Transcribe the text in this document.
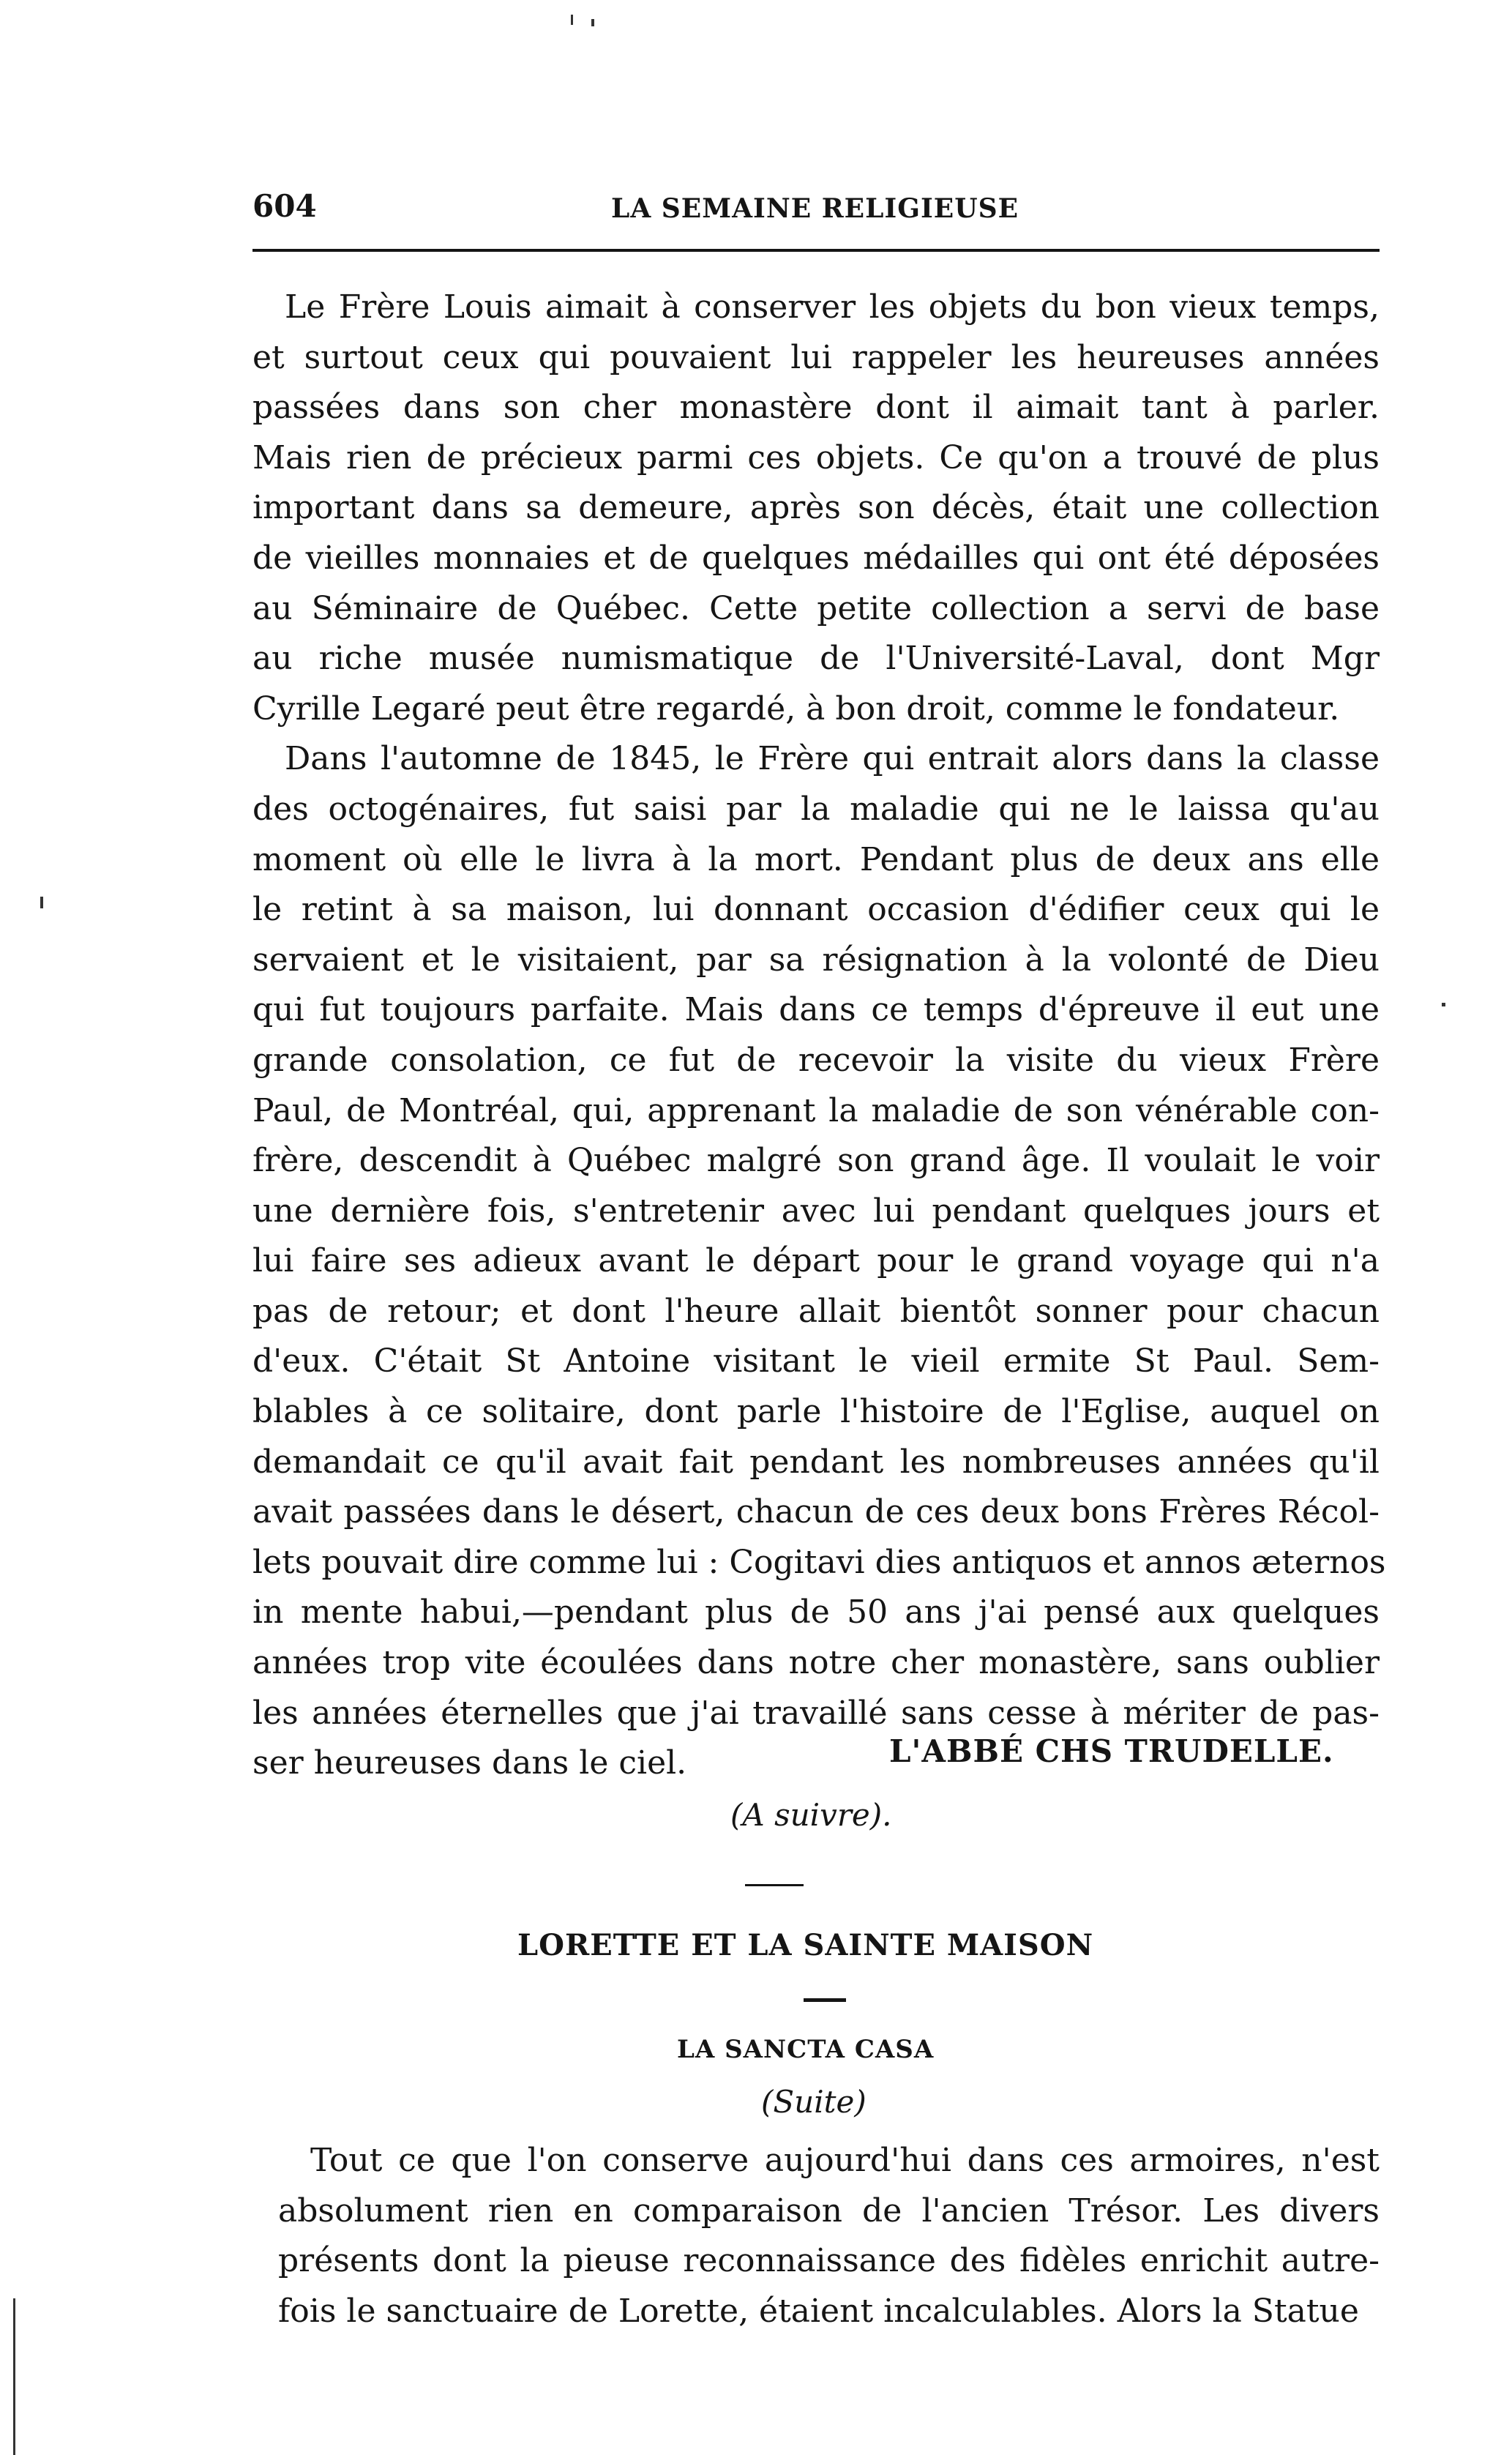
604	LA SEMAINE RELIGIEUSE
Le Frère Louis aimait à conserver les objets du bon vieux temps,
et surtout ceux qui pouvaient lui rappeler les heureuses années
passées dans son cher monastère dont il aimait tant à parler.
Mais rien de précieux parmi ces objets. Ce qu'on a trouvé de plus
important dans sa demeure, après son décès, était une collection
de vieilles monnaies et de quelques médailles qui ont été déposées
au Séminaire de Québec. Cette petite collection a servi de base
au riche musée numismatique de l'Université-Laval, dont Mgr
Cyrille Legaré peut être regardé, à bon droit, comme le fondateur.
Dans l'automne de 1845, le Frère qui entrait alors dans la classe
des octogénaires, fut saisi par la maladie qui ne le laissa qu'au
moment où elle le livra à la mort. Pendant plus de deux ans elle
le retint à sa maison, lui donnant occasion d'édifier ceux qui le
servaient et le visitaient, par sa résignation à la volonté de Dieu
qui fut toujours parfaite. Mais dans ce temps d'épreuve il eut une
grande consolation, ce fut de recevoir la visite du vieux Frère
Paul, de Montréal, qui, apprenant la maladie de son vénérable con-
frère, descendit à Québec malgré son grand âge. Il voulait le voir
une dernière fois, s'entretenir avec lui pendant quelques jours et
lui faire ses adieux avant le départ pour le grand voyage qui n'a
pas de retour; et dont l'heure allait bientôt sonner pour chacun
d'eux. C'était St Antoine visitant le vieil ermite St Paul. Sem-
blables à ce solitaire, dont parle l'histoire de l'Eglise, auquel on
demandait ce qu'il avait fait pendant les nombreuses années qu'il
avait passées dans le désert, chacun de ces deux bons Frères Récol-
lets pouvait dire comme lui : Cogitavi dies antiquos et annos æternos
in mente habui,—pendant plus de 50 ans j'ai pensé aux quelques
années trop vite écoulées dans notre cher monastère, sans oublier
les années éternelles que j'ai travaillé sans cesse à mériter de pas-
ser heureuses dans le ciel.	L'ABBÉ CHS TRUDELLE.
(A suivre).
LORETTE ET LA SAINTE MAISON
LA SANCTA CASA
(Suite)
Tout ce que l'on conserve aujourd'hui dans ces armoires, n'est
absolument rien en comparaison de l'ancien Trésor. Les divers
présents dont la pieuse reconnaissance des fidèles enrichit autre-
fois le sanctuaire de Lorette, étaient incalculables. Alors la Statue
